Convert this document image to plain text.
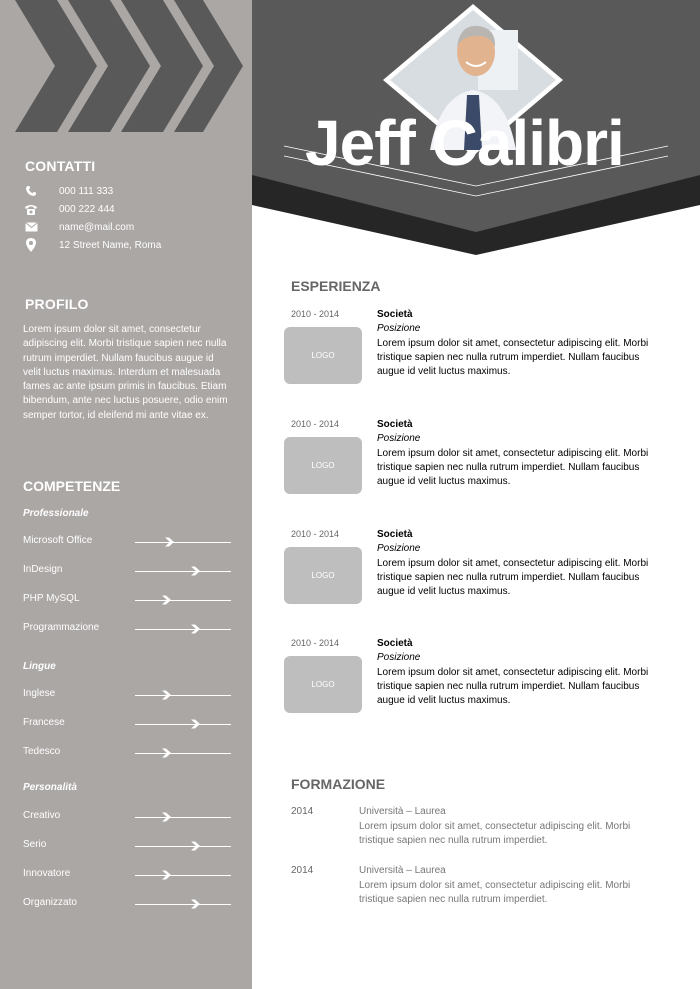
CONTATTI
000 111 333
000 222 444
name@mail.com
12 Street Name, Roma
PROFILO
Lorem ipsum dolor sit amet, consectetur adipiscing elit. Morbi tristique sapien nec nulla rutrum imperdiet. Nullam faucibus augue id velit luctus maximus. Interdum et malesuada fames ac ante ipsum primis in faucibus. Etiam bibendum, ante nec luctus posuere, odio enim semper tortor, id eleifend mi ante vitae ex.
COMPETENZE
Professionale
Microsoft Office
InDesign
PHP MySQL
Programmazione
Lingue
Inglese
Francese
Tedesco
Personalità
Creativo
Serio
Innovatore
Organizzato
Jeff Calibri
ESPERIENZA
2010 - 2014
LOGO
Società
Posizione
Lorem ipsum dolor sit amet, consectetur adipiscing elit. Morbi tristique sapien nec nulla rutrum imperdiet. Nullam faucibus augue id velit luctus maximus.
2010 - 2014
LOGO
Società
Posizione
Lorem ipsum dolor sit amet, consectetur adipiscing elit. Morbi tristique sapien nec nulla rutrum imperdiet. Nullam faucibus augue id velit luctus maximus.
2010 - 2014
LOGO
Società
Posizione
Lorem ipsum dolor sit amet, consectetur adipiscing elit. Morbi tristique sapien nec nulla rutrum imperdiet. Nullam faucibus augue id velit luctus maximus.
2010 - 2014
LOGO
Società
Posizione
Lorem ipsum dolor sit amet, consectetur adipiscing elit. Morbi tristique sapien nec nulla rutrum imperdiet. Nullam faucibus augue id velit luctus maximus.
FORMAZIONE
2014	Università – Laurea
Lorem ipsum dolor sit amet, consectetur adipiscing elit. Morbi tristique sapien nec nulla rutrum imperdiet.
2014	Università – Laurea
Lorem ipsum dolor sit amet, consectetur adipiscing elit. Morbi tristique sapien nec nulla rutrum imperdiet.
